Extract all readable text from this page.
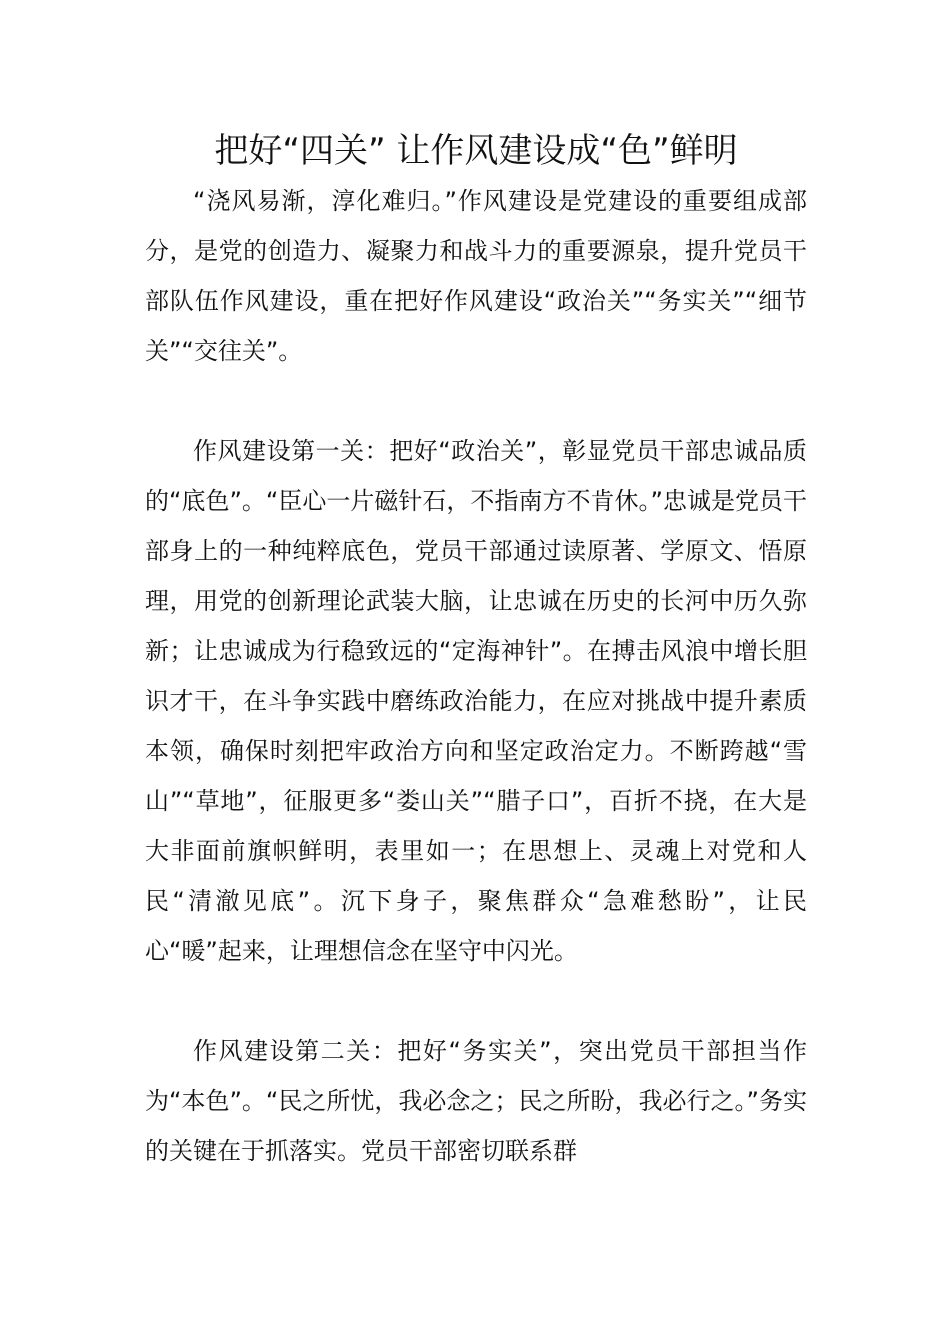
把好“四关” 让作风建设成“色”鲜明

“浇风易渐，淳化难归。”作风建设是党建设的重要组成部分，是党的创造力、凝聚力和战斗力的重要源泉，提升党员干部队伍作风建设，重在把好作风建设“政治关”“务实关”“细节关”“交往关”。

作风建设第一关：把好“政治关”，彰显党员干部忠诚品质的“底色”。“臣心一片磁针石，不指南方不肯休。”忠诚是党员干部身上的一种纯粹底色，党员干部通过读原著、学原文、悟原理，用党的创新理论武装大脑，让忠诚在历史的长河中历久弥新；让忠诚成为行稳致远的“定海神针”。在搏击风浪中增长胆识才干，在斗争实践中磨练政治能力，在应对挑战中提升素质本领，确保时刻把牢政治方向和坚定政治定力。不断跨越“雪山”“草地”，征服更多“娄山关”“腊子口”，百折不挠，在大是大非面前旗帜鲜明，表里如一；在思想上、灵魂上对党和人民“清澈见底”。沉下身子，聚焦群众“急难愁盼”，让民心“暖”起来，让理想信念在坚守中闪光。

作风建设第二关：把好“务实关”，突出党员干部担当作为“本色”。“民之所忧，我必念之；民之所盼，我必行之。”务实的关键在于抓落实。党员干部密切联系群
